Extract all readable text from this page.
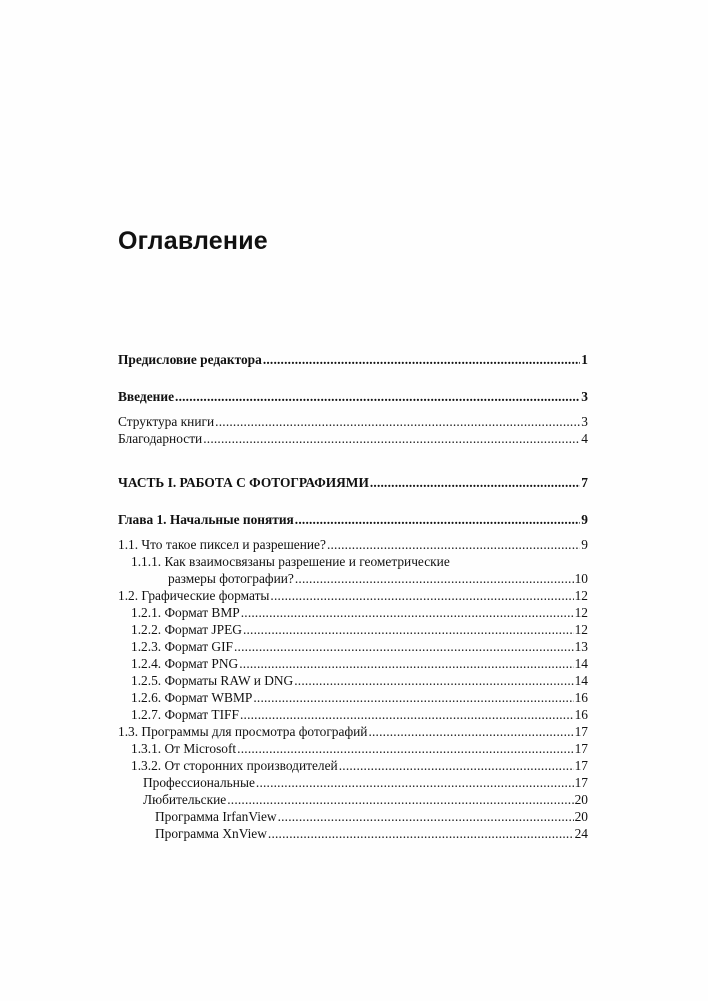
Оглавление
Предисловие редактора .....	1
Введение .....	3
Структура книги .....	3
Благодарности .....	4
ЧАСТЬ I. РАБОТА С ФОТОГРАФИЯМИ .....	7
Глава 1. Начальные понятия .....	9
1.1. Что такое пиксел и разрешение? .....	9
1.1.1. Как взаимосвязаны разрешение и геометрические
размеры фотографии? .....	10
1.2. Графические форматы .....	12
1.2.1. Формат BMP .....	12
1.2.2. Формат JPEG .....	12
1.2.3. Формат GIF .....	13
1.2.4. Формат PNG .....	14
1.2.5. Форматы RAW и DNG .....	14
1.2.6. Формат WBMP .....	16
1.2.7. Формат TIFF .....	16
1.3. Программы для просмотра фотографий .....	17
1.3.1. От Microsoft .....	17
1.3.2. От сторонних производителей .....	17
Профессиональные .....	17
Любительские .....	20
Программа IrfanView .....	20
Программа XnView .....	24
